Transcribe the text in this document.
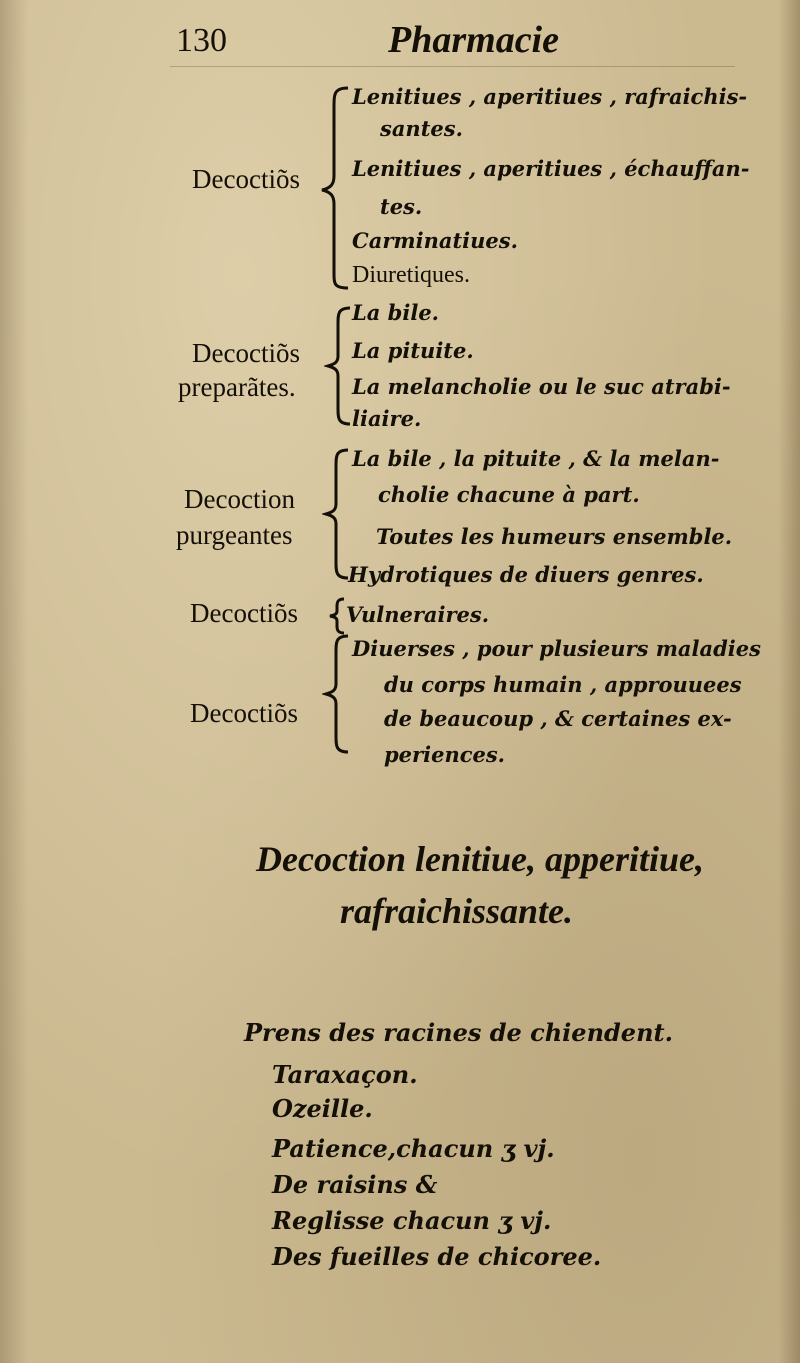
130	Pharmacie
Decoctiõs
Lenitiues , aperitiues , rafraichis-
santes.
Lenitiues , aperitiues , échauffan-
tes.
Carminatiues.
Diuretiques.
Decoctiõs
preparãtes.
La bile.
La pituite.
La melancholie ou le suc atrabi-
liaire.
Decoction
purgeantes
La bile , la pituite , & la melan-
cholie chacune à part.
Toutes les humeurs ensemble.
Hydrotiques de diuers genres.
Decoctiõs Vulneraires.
Decoctiõs
Diuerses , pour plusieurs maladies
du corps humain , approuuees
de beaucoup , & certaines ex-
periences.
Decoction lenitiue, apperitiue,
rafraichissante.
Prens des racines de chiendent.
Taraxaçon.
Ozeille.
Patience,chacun ʒ vj.
De raisins &
Reglisse chacun ʒ vj.
Des fueilles de chicoree.
